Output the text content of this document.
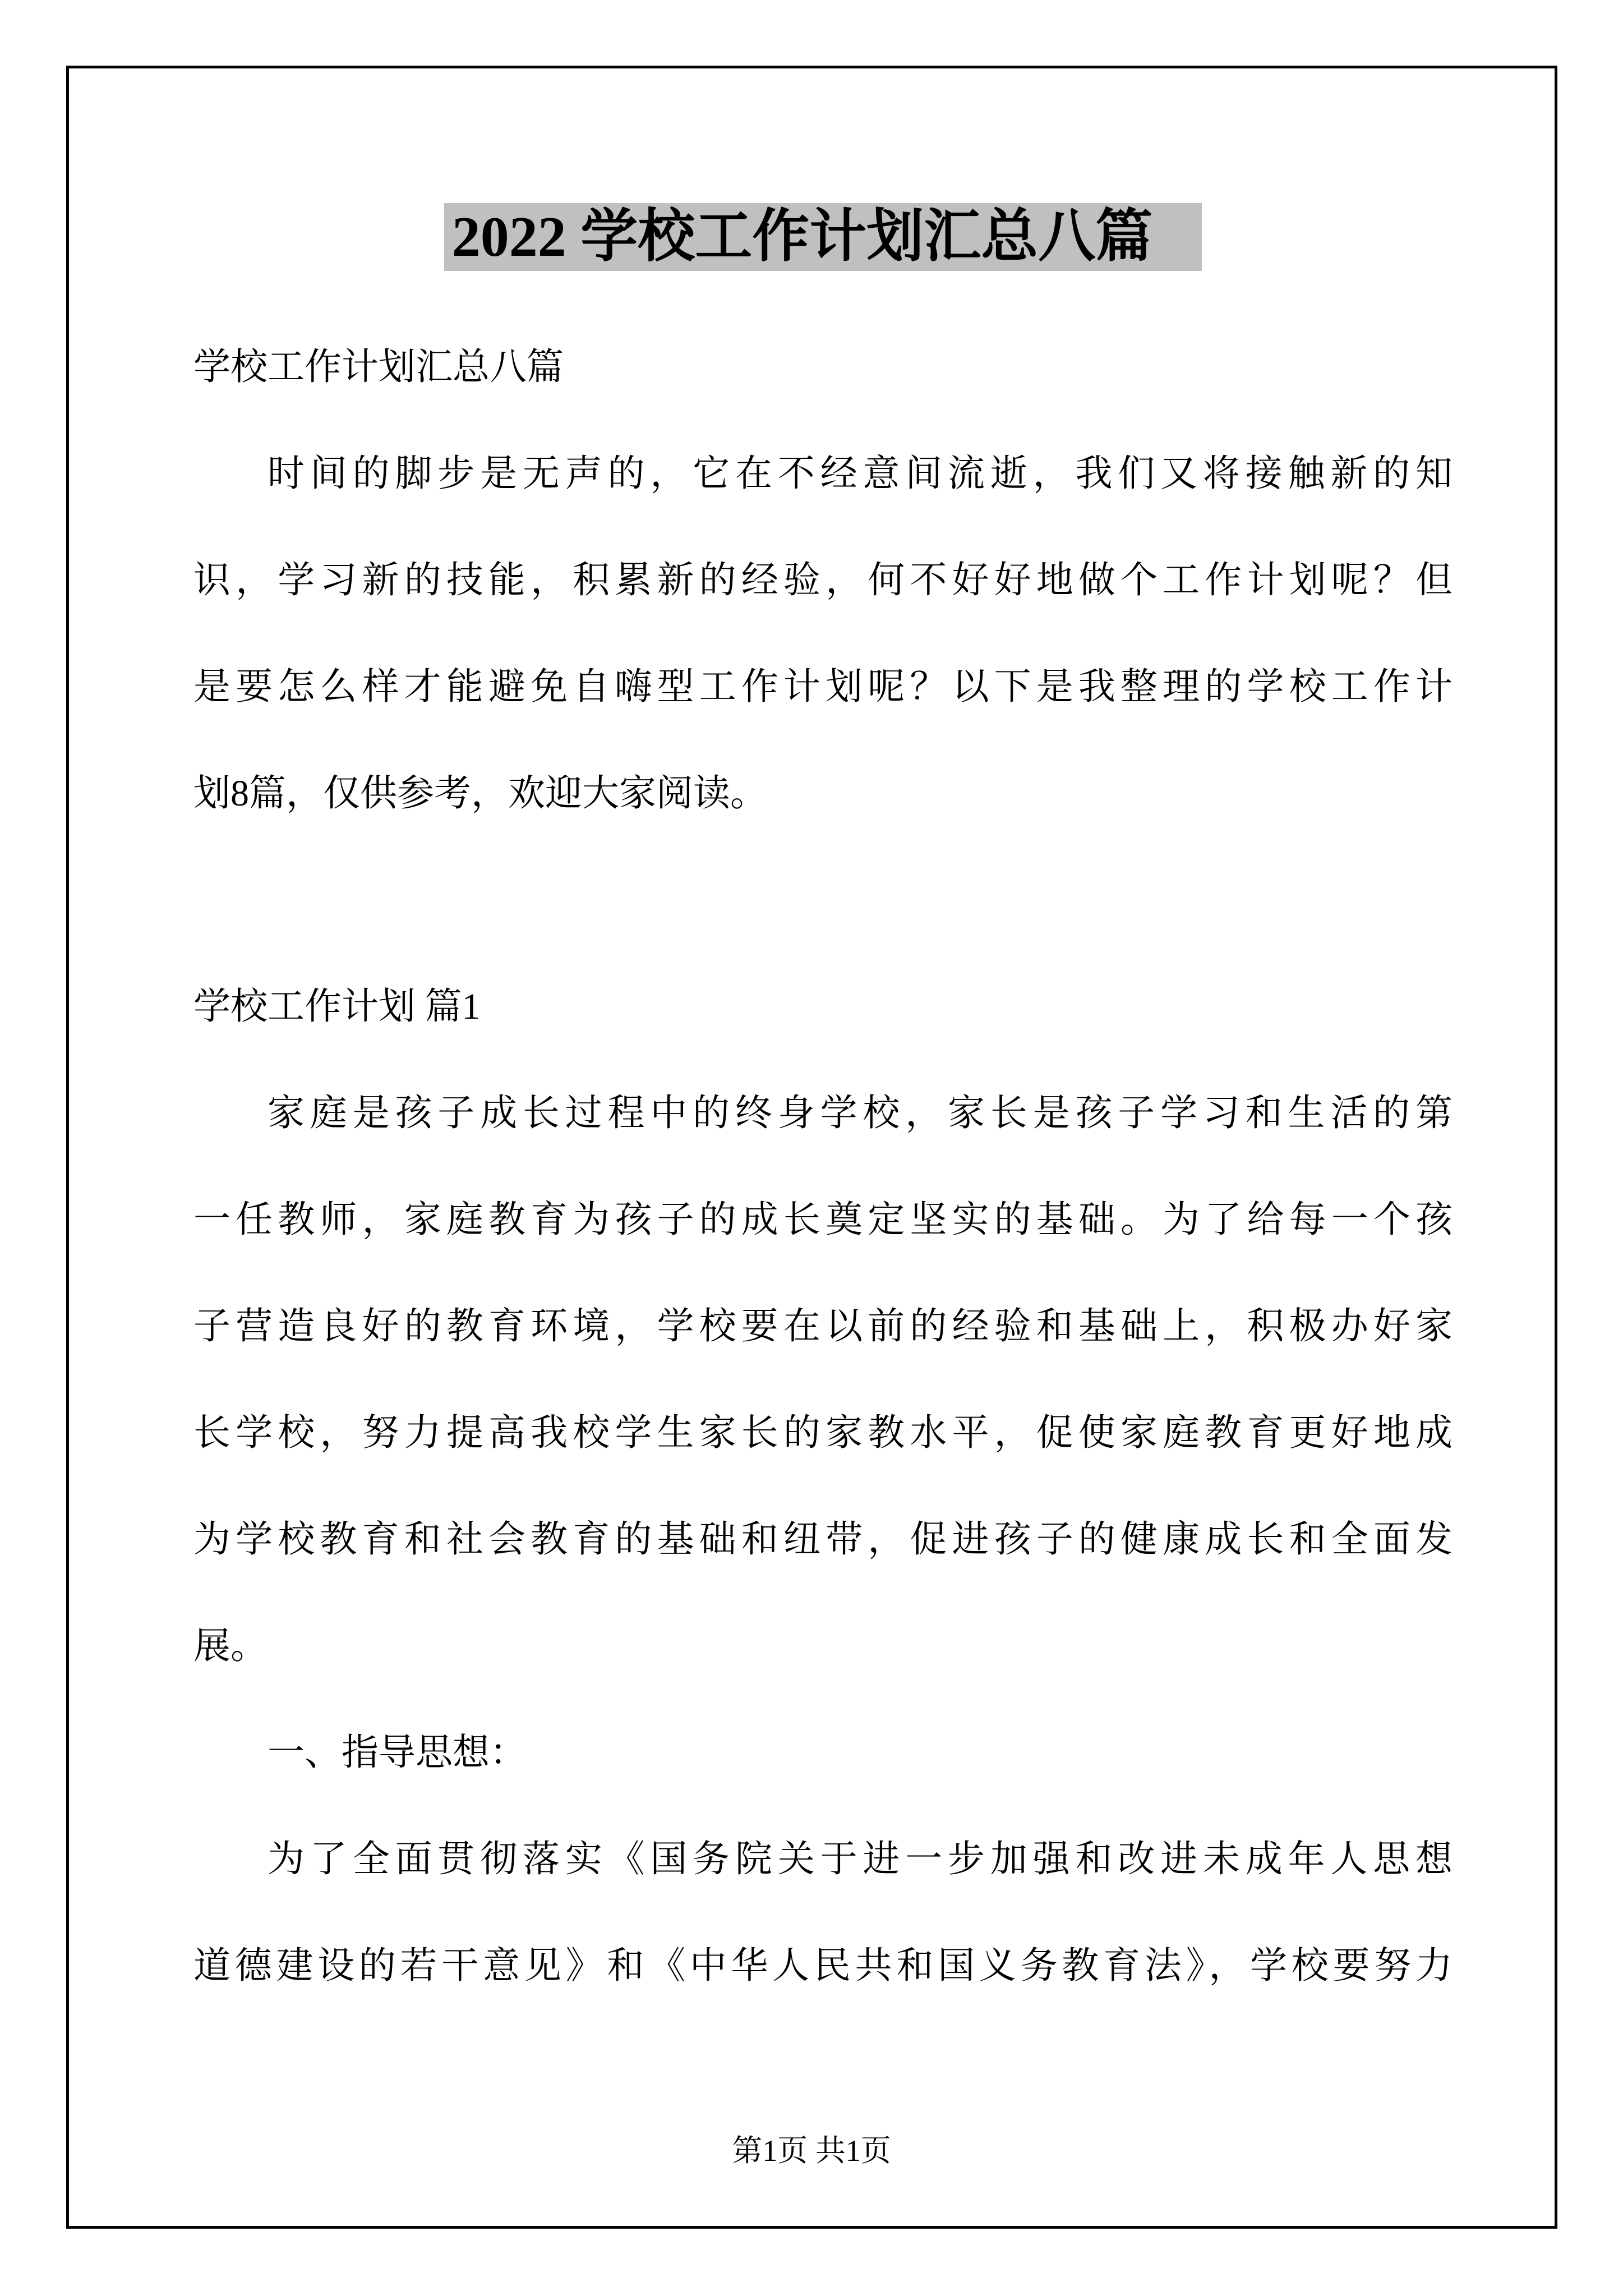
2022 学校工作计划汇总八篇
学校工作计划汇总八篇
时间的脚步是无声的，它在不经意间流逝，我们又将接触新的知
识，学习新的技能，积累新的经验，何不好好地做个工作计划呢？但
是要怎么样才能避免自嗨型工作计划呢？以下是我整理的学校工作计
划8篇，仅供参考，欢迎大家阅读。
学校工作计划 篇1
家庭是孩子成长过程中的终身学校，家长是孩子学习和生活的第
一任教师，家庭教育为孩子的成长奠定坚实的基础。为了给每一个孩
子营造良好的教育环境，学校要在以前的经验和基础上，积极办好家
长学校，努力提高我校学生家长的家教水平，促使家庭教育更好地成
为学校教育和社会教育的基础和纽带，促进孩子的健康成长和全面发
展。
一、指导思想：
为了全面贯彻落实《国务院关于进一步加强和改进未成年人思想
道德建设的若干意见》和《中华人民共和国义务教育法》，学校要努力
第1页 共1页
